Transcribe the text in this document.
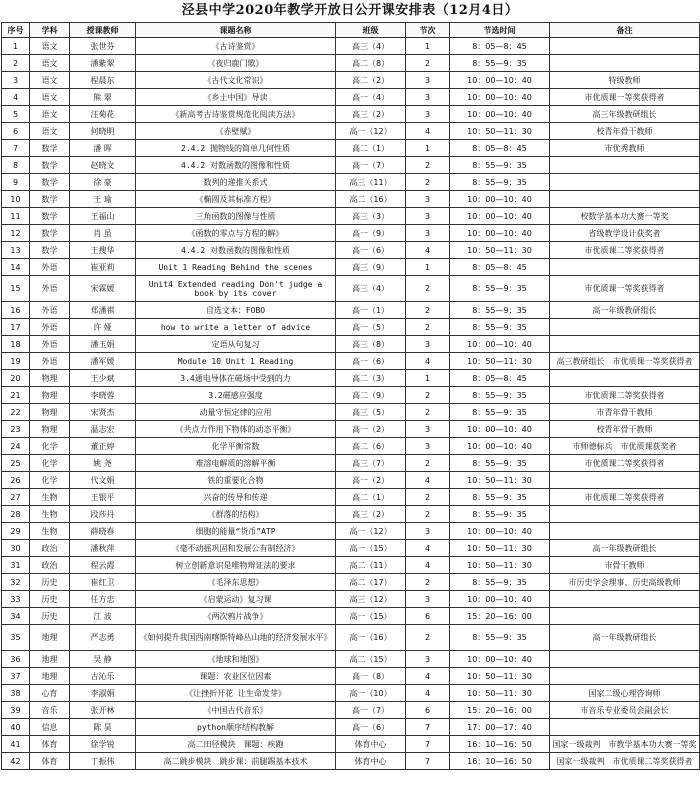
泾县中学2020年教学开放日公开课安排表（12月4日）
序号	学科	授课教师	课题名称	班级	节次	节选时间	备注
1	语文	张世芬	《古诗鉴赏》	高三（4）	1	8：05—8：45	
2	语文	潘紫翠	《夜归鹿门歌》	高二（8）	2	8：55—9：35	
3	语文	程晨东	《古代文化常识》	高二（2）	3	10：00—10：40	特级教师
4	语文	熊 翠	《乡土中国》导读	高一（4）	3	10：00—10：40	市优质课一等奖获得者
5	语文	汪菊花	《新高考古诗鉴赏规范化阅读方法》	高三（2）	3	10：00—10：40	高三年级教研组长
6	语文	何晓明	《赤壁赋》	高一（12）	4	10：50—11：30	校青年骨干教师
7	数学	潘 晖	2.4.2 抛物线的简单几何性质	高二（1）	1	8：05—8：45	市优秀教师
8	数学	赵晓文	4.4.2 对数函数的图像和性质	高一（7）	2	8：55—9：35	
9	数学	徐 豪	数列的递推关系式	高三（11）	2	8：55—9：35	
10	数学	王 瑜	《椭圆及其标准方程》	高二（16）	3	10：00—10：40	
11	数学	王福山	三角函数的图像与性质	高三（3）	3	10：00—10：40	校数学基本功大赛一等奖
12	数学	肖 虽	《函数的零点与方程的解》	高一（9）	3	10：00—10：40	省级教学设计获奖者
13	数学	王搜华	4.4.2 对数函数的图像和性质	高一（6）	4	10：50—11：30	市优质课二等奖获得者
14	外语	崔亚莉	Unit 1 Reading Behind the scenes	高三（9）	1	8：05—8：45	
15	外语	宋霖媛	Unit4 Extended reading Don't judge a book by its cover	高三（4）	2	8：55—9：35	市优质课一等奖获得者
16	外语	郑潘祺	自选文本：FOBO	高一（1）	2	8：55—9：35	高一年级教研组长
17	外语	许 娅	how to write a letter of advice	高一（5）	2	8：55—9：35	
18	外语	潘玉娟	定语从句复习	高三（8）	3	10：00—10：40	
19	外语	潘军媛	Module 10 Unit 1 Reading	高一（6）	4	10：50—11：30	高三教研组长　市优质课一等奖获得者
20	物理	王少斌	3.4通电导体在磁场中受到的力	高二（3）	1	8：05—8：45	
21	物理	李晓蓉	3.2磁感应强度	高二（9）	2	8：55—9：35	市优质课二等奖获得者
22	物理	宋贤杰	动量守恒定律的应用	高三（5）	2	8：55—9：35	市青年骨干教师
23	物理	温志宏	《共点力作用下物体的动态平衡》	高一（2）	3	10：00—10：40	校青年骨干教师
24	化学	董正婷	化学平衡常数	高二（6）	3	10：00—10：40	市师德标兵　市优质课获奖者
25	化学	姚 尧	难溶电解质的溶解平衡	高三（7）	2	8：55—9：35	市优质课二等奖获得者
26	化学	代文娟	铁的重要化合物	高一（2）	4	10：50—11：30	
27	生物	王银平	兴奋的传导和传递	高二（1）	2	8：55—9：35	市优质课二等奖获得者
28	生物	段莎丹	《群落的结构》	高三（2）	2	8：55—9：35	
29	生物	薛晓春	细胞的能量“货币”ATP	高一（12）	3	10：00—10：40	
30	政治	潘秋萍	《毫不动摇巩固和发展公有制经济》	高一（15）	4	10：50—11：30	高一年级教研组长
31	政治	程云霞	树立创新意识是唯物辩证法的要求	高二（11）	4	10：50—11：30	市骨干教师
32	历史	崔红卫	《毛泽东思想》	高二（17）	2	8：55—9：35	市历史学会理事、历史高级教师
33	历史	任方忠	《启蒙运动》复习课	高三（12）	3	10：00—10：40	
34	历史	江 波	《两次鸦片战争》	高一（15）	6	15：20—16：00	
35	地理	严志勇	《如何提升我国西南喀斯特峰丛山地的经济发展水平》	高一（16）	2	8：55—9：35	高一年级教研组长
36	地理	吴 静	《地球和地图》	高二（15）	3	10：00—10：40	
37	地理	古沁乐	课题：农业区位因素	高一（8）	4	10：50—11：30	
38	心育	李淑娟	《让挫折开花 让生命发芽》	高一（10）	4	10：50—11：30	国家二级心理咨询师
39	音乐	张开林	《中国古代音乐》	高一（7）	6	15：20—16：00	市音乐专业委员会副会长
40	信息	陈 昊	python顺序结构教解	高一（6）	7	17：00—17：40	
41	体育	徐学锐	高二田径模块　课题：疾跑	体育中心	7	16：10—16：50	国家一级裁判　市教学基本功大赛一等奖
42	体育	丁振伟	高二跳步模块　跳步课：前腿踢基本技术	体育中心	7	16：10—16：50	国家一级裁判　市优质课二等奖获得者
